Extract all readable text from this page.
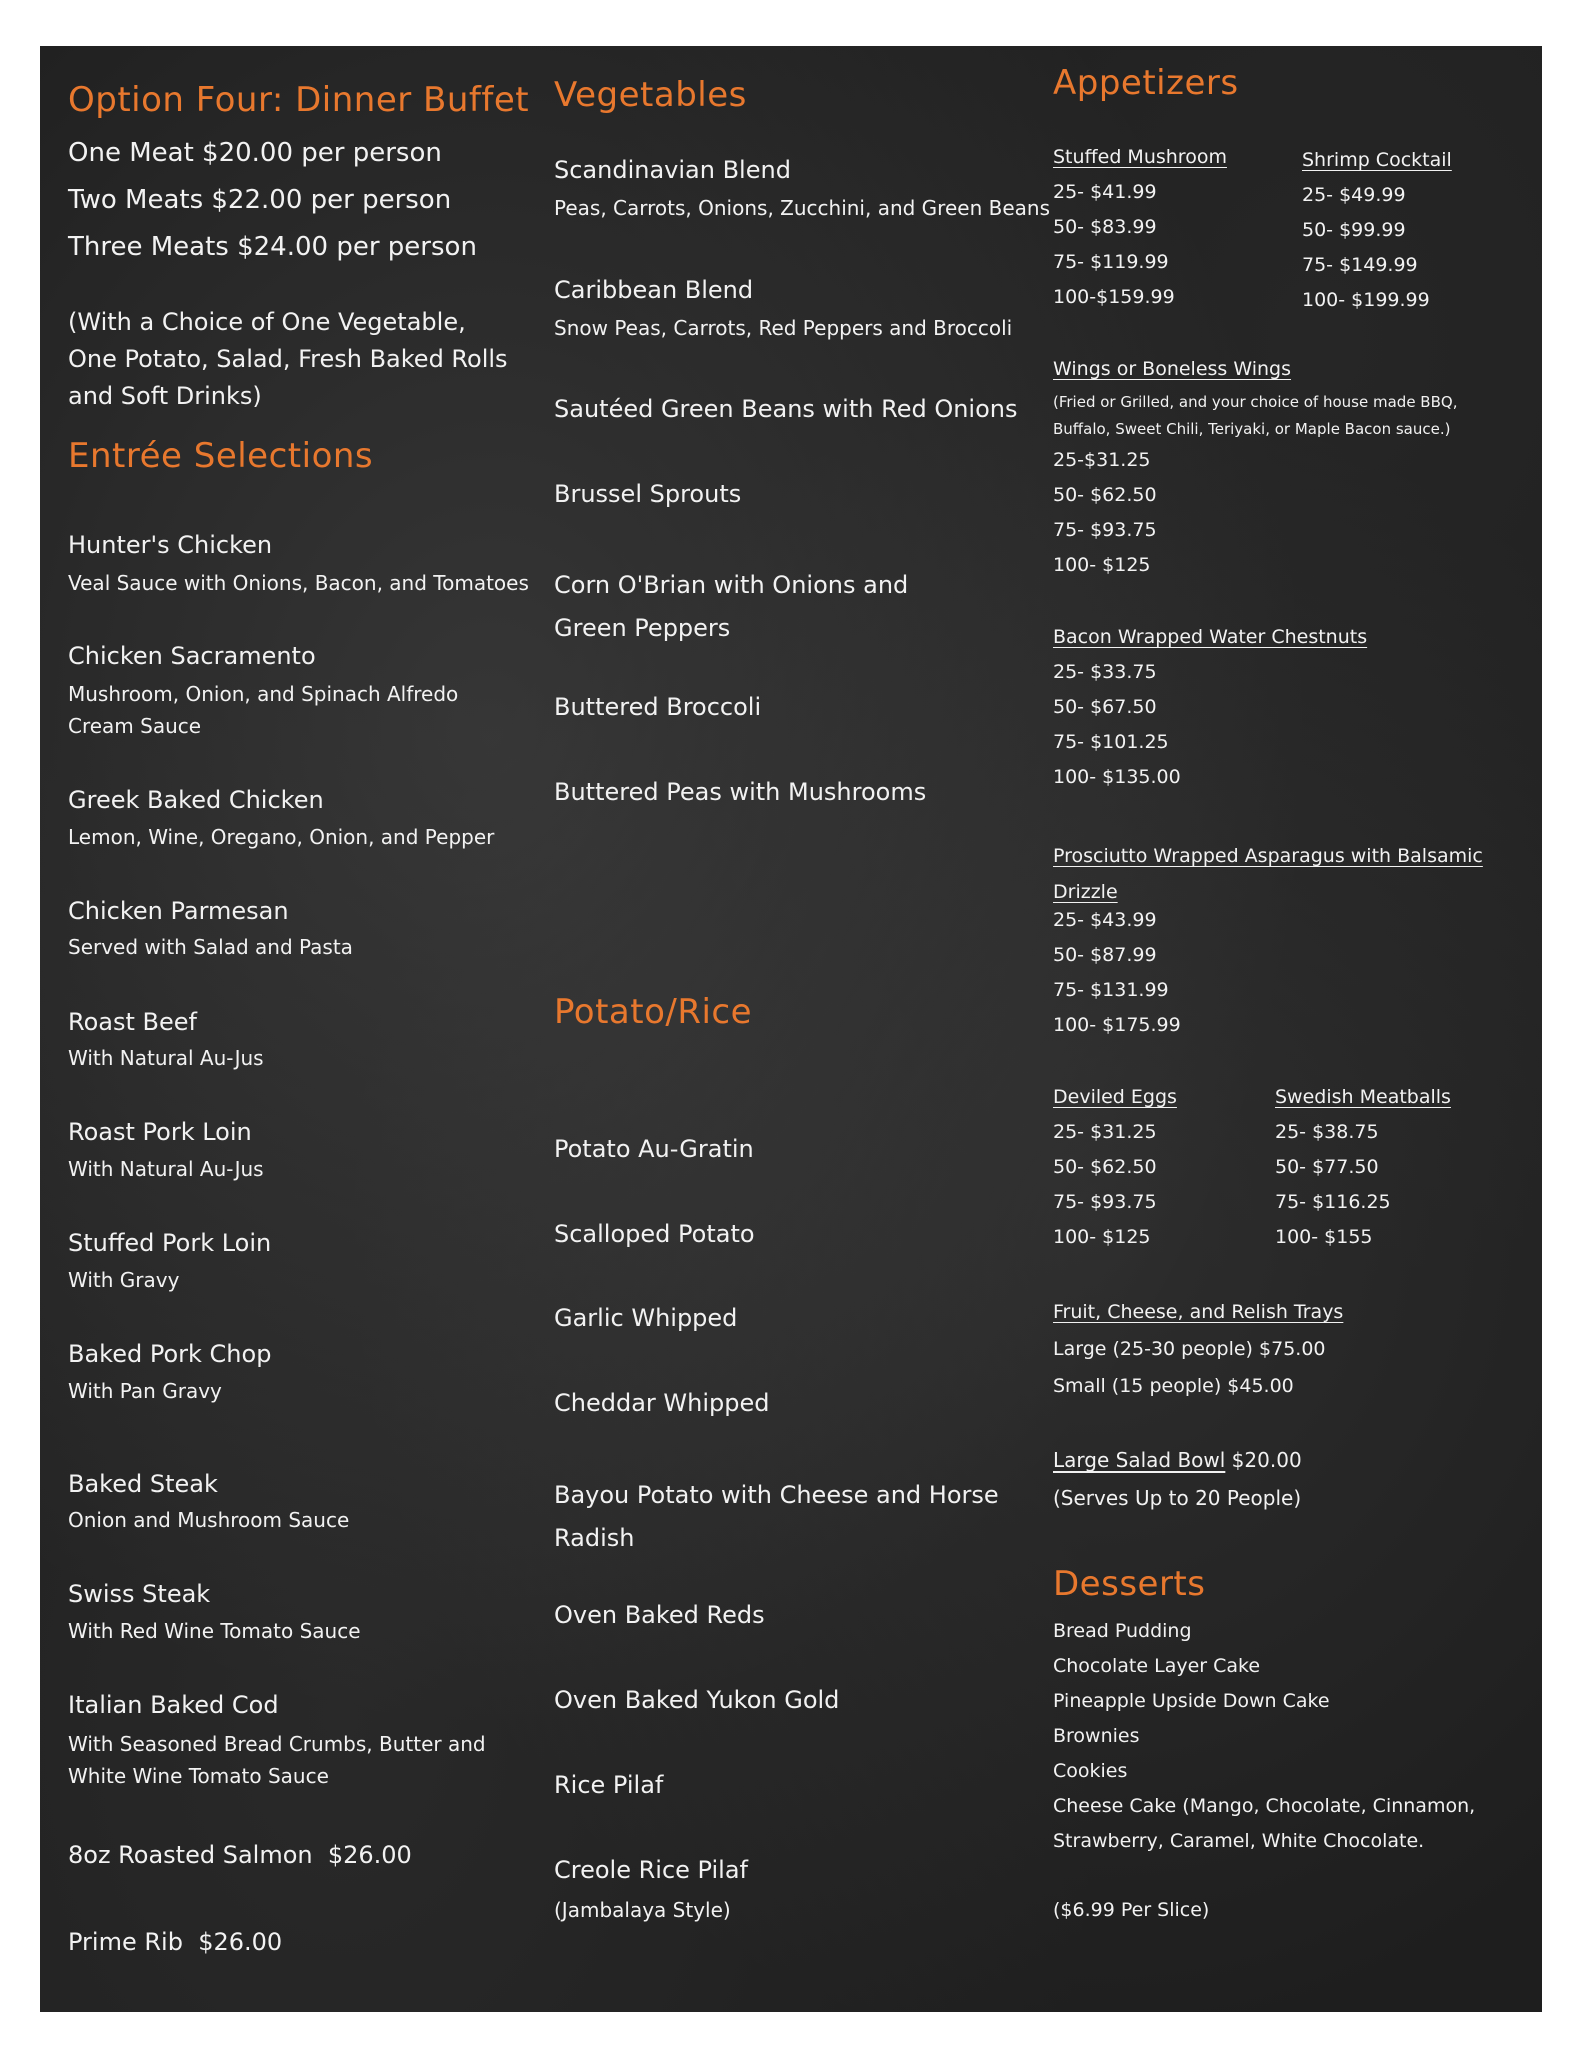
Option Four: Dinner Buffet
One Meat $20.00 per person
Two Meats $22.00 per person
Three Meats $24.00 per person
(With a Choice of One Vegetable, One Potato, Salad, Fresh Baked Rolls and Soft Drinks)
Entrée Selections
Hunter's Chicken
Veal Sauce with Onions, Bacon, and Tomatoes
Chicken Sacramento
Mushroom, Onion, and Spinach Alfredo Cream Sauce
Greek Baked Chicken
Lemon, Wine, Oregano, Onion, and Pepper
Chicken Parmesan
Served with Salad and Pasta
Roast Beef
With Natural Au-Jus
Roast Pork Loin
With Natural Au-Jus
Stuffed Pork Loin
With Gravy
Baked Pork Chop
With Pan Gravy
Baked Steak
Onion and Mushroom Sauce
Swiss Steak
With Red Wine Tomato Sauce
Italian Baked Cod
With Seasoned Bread Crumbs, Butter and White Wine Tomato Sauce
8oz Roasted Salmon  $26.00
Prime Rib  $26.00
Vegetables
Scandinavian Blend
Peas, Carrots, Onions, Zucchini, and Green Beans
Caribbean Blend
Snow Peas, Carrots, Red Peppers and Broccoli
Sautéed Green Beans with Red Onions
Brussel Sprouts
Corn O'Brian with Onions and Green Peppers
Buttered Broccoli
Buttered Peas with Mushrooms
Potato/Rice
Potato Au-Gratin
Scalloped Potato
Garlic Whipped
Cheddar Whipped
Bayou Potato with Cheese and Horse Radish
Oven Baked Reds
Oven Baked Yukon Gold
Rice Pilaf
Creole Rice Pilaf
(Jambalaya Style)
Appetizers
Stuffed Mushroom
25- $41.99
50- $83.99
75- $119.99
100-$159.99
Shrimp Cocktail
25- $49.99
50- $99.99
75- $149.99
100- $199.99
Wings or Boneless Wings
(Fried or Grilled, and your choice of house made BBQ, Buffalo, Sweet Chili, Teriyaki, or Maple Bacon sauce.)
25-$31.25
50- $62.50
75- $93.75
100- $125
Bacon Wrapped Water Chestnuts
25- $33.75
50- $67.50
75- $101.25
100- $135.00
Prosciutto Wrapped Asparagus with Balsamic Drizzle
25- $43.99
50- $87.99
75- $131.99
100- $175.99
Deviled Eggs
25- $31.25
50- $62.50
75- $93.75
100- $125
Swedish Meatballs
25- $38.75
50- $77.50
75- $116.25
100- $155
Fruit, Cheese, and Relish Trays
Large (25-30 people) $75.00
Small (15 people) $45.00
Large Salad Bowl $20.00
(Serves Up to 20 People)
Desserts
Bread Pudding
Chocolate Layer Cake
Pineapple Upside Down Cake
Brownies
Cookies
Cheese Cake (Mango, Chocolate, Cinnamon, Strawberry, Caramel, White Chocolate.
($6.99 Per Slice)
